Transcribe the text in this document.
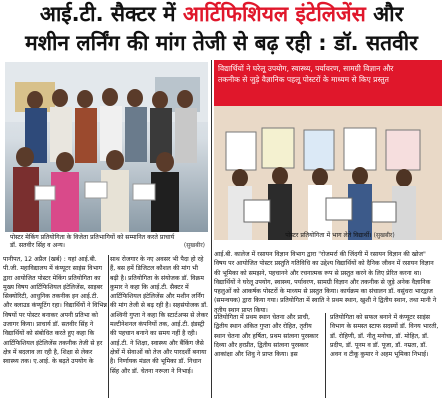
आई.टी. सैक्टर में आर्टिफिशियल इंटेलिजेंस और
मशीन लर्निंग की मांग तेजी से बढ़ रही : डॉ. सतवीर
विद्यार्थियों ने घरेलू उपयोग, स्वास्थ्य, पर्यावरण, सामग्री विज्ञान और
तकनीक से जुड़े वैज्ञानिक पहलू पोस्टरों के माध्यम से किए प्रस्तुत
पोस्टर मेकिंग प्रतियोगिता के विजेता प्रतिभागियों को सम्मानित करते प्राचार्य
डॉ. सतवीर सिंह व अन्य।	(सुखबीर)
पोस्टर प्रतियोगिता में भाग लेते विद्यार्थी। (सुखबीर)
पानीपत, 12 अप्रैल (खर्ब) : यहां आई.बी. पी.जी. महाविद्यालय में कंप्यूटर साइंस विभाग द्वारा आयोजित पोस्टर मेकिंग प्रतियोगिता का मुख्य विषय आर्टिफिशियल इंटेलिजेंस, साइबर सिक्योरिटी, आधुनिक तकनीक इन आई.टी. और क्लाउड कंप्यूटिंग रहा। विद्यार्थियों ने विभिन्न विषयों पर पोस्टर बनाकर अपनी प्रतिभा को उजागर किया। प्राचार्य डॉ. सतवीर सिंह ने विद्यार्थियों को संबोधित करते हुए कहा कि आर्टिफिशियल इंटेलिजेंस तकनीक तेजी से हर क्षेत्र में बदलाव ला रही है, शिक्षा से लेकर स्वास्थ्य तक। ए.आई. के बढ़ते उपयोग के
साथ रोजगार के नए अवसर भी पैदा हो रहे हैं, बस हमें डिजिटल कौशल की मांग भी बढ़ी है। प्रतियोगिता के संयोजक डॉ. विक्रम कुमार ने कहा कि आई.टी. सैक्टर में आर्टिफिशियल इंटेलिजेंस और मशीन लर्निंग की मांग तेजी से बढ़ रही है। सहसंयोजक डॉ. अश्विनी गुप्ता ने कहा कि स्टार्टअप्स से लेकर मल्टीनेशनल कंपनियों तक, आई.टी. इंडस्ट्री की पहचान बनाने का समय नहीं है रही। आई.टी. ने शिक्षा, स्वास्थ्य और बैंकिंग जैसे क्षेत्रों में सेवाओं को तेज और पारदर्शी बनाया है। निर्णायक मंडल की भूमिका डॉ. निधान सिंह और डॉ. चेतना नरूला ने निभाई।
आई.बी. कालेज में रसायन विज्ञान विभाग द्वारा "रोजमर्रा की जिंदगी में रसायन विज्ञान की खोज" विषय पर आयोजित पोस्टर प्रस्तुति गतिविधि का उद्देश्य विद्यार्थियों को दैनिक जीवन में रसायन विज्ञान की भूमिका को समझने, पहचानने और रचनात्मक रूप से प्रस्तुत करने के लिए प्रेरित करना था। विद्यार्थियों ने घरेलू उपयोग, स्वास्थ्य, पर्यावरण, सामग्री विज्ञान और तकनीक से जुड़े अनेक वैज्ञानिक पहलुओं को आकर्षक पोस्टरों के माध्यम से प्रस्तुत किया। कार्यक्रम का संचालन डॉ. वसुंधरा भारद्वाज (समन्वयक) द्वारा किया गया। प्रतियोगिता में स्वाति ने प्रथम स्थान, खुशी ने द्वितीय स्थान, तथा मानी ने तृतीय स्थान प्राप्त किया।
प्रतियोगिता में प्रथम स्थान चेतना और प्राची, द्वितीय स्थान अंकित गुप्ता और रोहित, तृतीय स्थान चेतना और हर्षिता, प्रथम सांत्वना पुरस्कार दिव्या और हरप्रीत, द्वितीय सांत्वना पुरस्कार आकांक्षा और शिवु ने प्राप्त किया। इस
प्रतियोगिता को सफल बनाने में कंप्यूटर साइंस विभाग के समस्त स्टाफ सदस्यों डॉ. विनय भारती, डॉ. रोहिणी, डॉ. नीतू मनोचा, डॉ. मोहित, डॉ. प्रदीप, डॉ. पूनम व डॉ. पूजा, डॉ. नम्रता, डॉ. अवन व टीकू कुमार ने अहम भूमिका निभाई।
